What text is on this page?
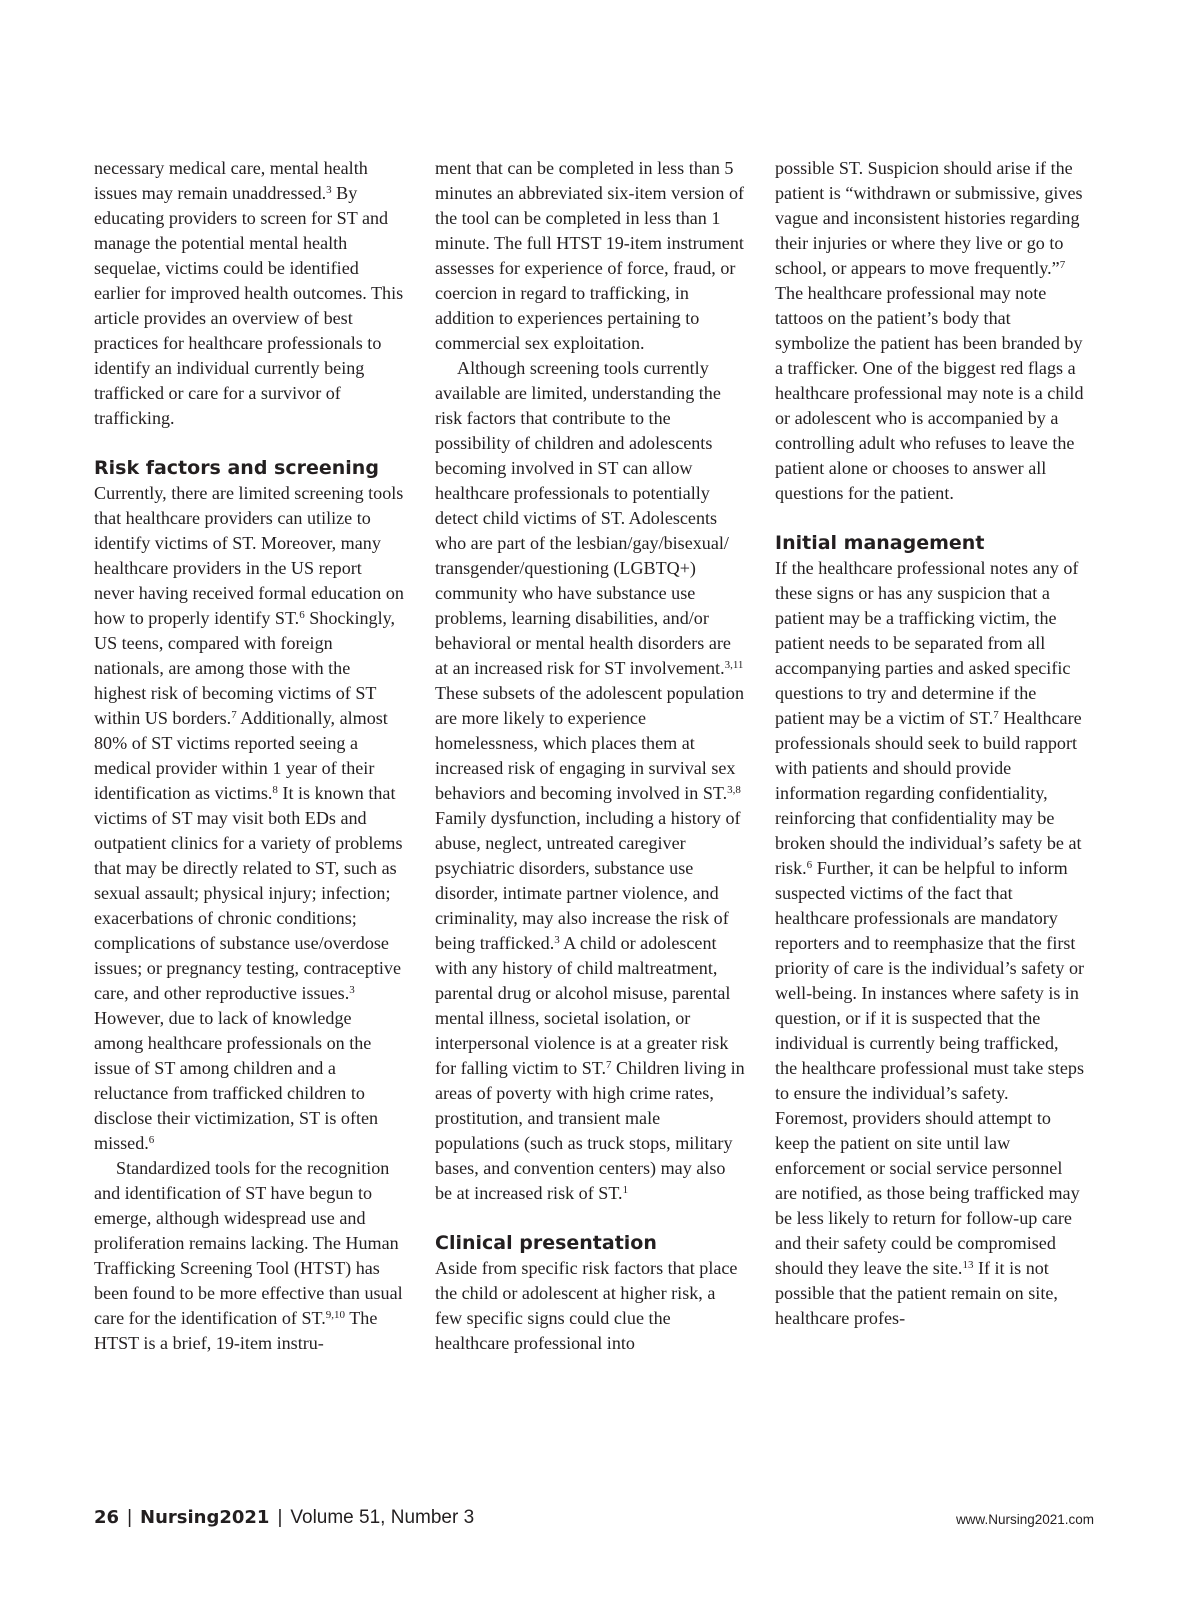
necessary medical care, mental health issues may remain unaddressed.$^3$ By educating providers to screen for ST and manage the potential mental health sequelae, victims could be identified earlier for improved health outcomes. This article provides an overview of best practices for healthcare professionals to identify an individual currently being trafficked or care for a survivor of trafficking.

Risk factors and screening

Currently, there are limited screening tools that healthcare providers can utilize to identify victims of ST. Moreover, many healthcare providers in the US report never having received formal education on how to properly identify ST.$^6$ Shockingly, US teens, compared with foreign nationals, are among those with the highest risk of becoming victims of ST within US borders.$^7$ Additionally, almost 80% of ST victims reported seeing a medical provider within 1 year of their identification as victims.$^8$ It is known that victims of ST may visit both EDs and outpatient clinics for a variety of problems that may be directly related to ST, such as sexual assault; physical injury; infection; exacerbations of chronic conditions; complications of substance use/overdose issues; or pregnancy testing, contraceptive care, and other reproductive issues.$^3$ However, due to lack of knowledge among healthcare professionals on the issue of ST among children and a reluctance from trafficked children to disclose their victimization, ST is often missed.$^6$

Standardized tools for the recognition and identification of ST have begun to emerge, although widespread use and proliferation remains lacking. The Human Trafficking Screening Tool (HTST) has been found to be more effective than usual care for the identification of ST.$^{9,10}$ The HTST is a brief, 19-item instru-

ment that can be completed in less than 5 minutes an abbreviated six-item version of the tool can be completed in less than 1 minute. The full HTST 19-item instrument assesses for experience of force, fraud, or coercion in regard to trafficking, in addition to experiences pertaining to commercial sex exploitation.

Although screening tools currently available are limited, understanding the risk factors that contribute to the possibility of children and adolescents becoming involved in ST can allow healthcare professionals to potentially detect child victims of ST. Adolescents who are part of the lesbian/gay/bisexual/ transgender/questioning (LGBTQ+) community who have substance use problems, learning disabilities, and/or behavioral or mental health disorders are at an increased risk for ST involvement.$^{3,11}$ These subsets of the adolescent population are more likely to experience homelessness, which places them at increased risk of engaging in survival sex behaviors and becoming involved in ST.$^{3,8}$ Family dysfunction, including a history of abuse, neglect, untreated caregiver psychiatric disorders, substance use disorder, intimate partner violence, and criminality, may also increase the risk of being trafficked.$^3$ A child or adolescent with any history of child maltreatment, parental drug or alcohol misuse, parental mental illness, societal isolation, or interpersonal violence is at a greater risk for falling victim to ST.$^7$ Children living in areas of poverty with high crime rates, prostitution, and transient male populations (such as truck stops, military bases, and convention centers) may also be at increased risk of ST.$^1$

Clinical presentation

Aside from specific risk factors that place the child or adolescent at higher risk, a few specific signs could clue the healthcare professional into

possible ST. Suspicion should arise if the patient is “withdrawn or submissive, gives vague and inconsistent histories regarding their injuries or where they live or go to school, or appears to move frequently.”$^7$ The healthcare professional may note tattoos on the patient’s body that symbolize the patient has been branded by a trafficker. One of the biggest red flags a healthcare professional may note is a child or adolescent who is accompanied by a controlling adult who refuses to leave the patient alone or chooses to answer all questions for the patient.

Initial management

If the healthcare professional notes any of these signs or has any suspicion that a patient may be a trafficking victim, the patient needs to be separated from all accompanying parties and asked specific questions to try and determine if the patient may be a victim of ST.$^7$ Healthcare professionals should seek to build rapport with patients and should provide information regarding confidentiality, reinforcing that confidentiality may be broken should the individual’s safety be at risk.$^6$ Further, it can be helpful to inform suspected victims of the fact that healthcare professionals are mandatory reporters and to reemphasize that the first priority of care is the individual’s safety or well-being. In instances where safety is in question, or if it is suspected that the individual is currently being trafficked, the healthcare professional must take steps to ensure the individual’s safety. Foremost, providers should attempt to keep the patient on site until law enforcement or social service personnel are notified, as those being trafficked may be less likely to return for follow-up care and their safety could be compromised should they leave the site.$^{13}$ If it is not possible that the patient remain on site, healthcare profes-

26 | Nursing2021 | Volume 51, Number 3	www.Nursing2021.com
